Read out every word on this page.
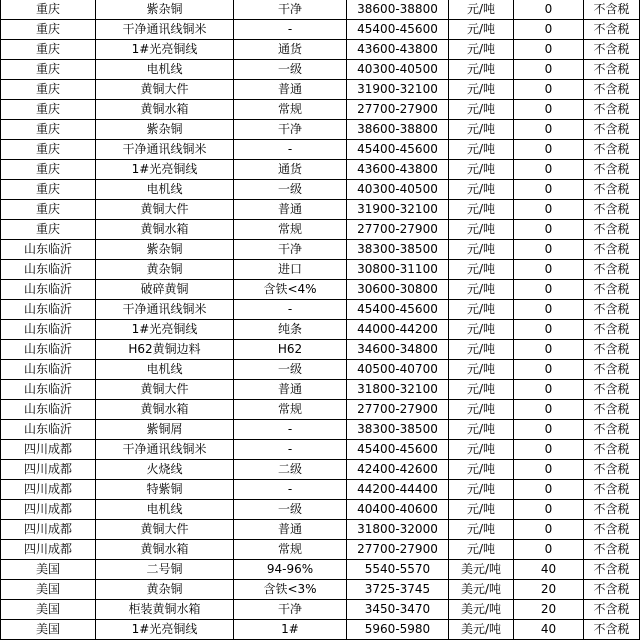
重庆	紫杂铜	干净	38600-38800	元/吨	0	不含税
重庆	干净通讯线铜米	-	45400-45600	元/吨	0	不含税
重庆	1#光亮铜线	通货	43600-43800	元/吨	0	不含税
重庆	电机线	一级	40300-40500	元/吨	0	不含税
重庆	黄铜大件	普通	31900-32100	元/吨	0	不含税
重庆	黄铜水箱	常规	27700-27900	元/吨	0	不含税
重庆	紫杂铜	干净	38600-38800	元/吨	0	不含税
重庆	干净通讯线铜米	-	45400-45600	元/吨	0	不含税
重庆	1#光亮铜线	通货	43600-43800	元/吨	0	不含税
重庆	电机线	一级	40300-40500	元/吨	0	不含税
重庆	黄铜大件	普通	31900-32100	元/吨	0	不含税
重庆	黄铜水箱	常规	27700-27900	元/吨	0	不含税
山东临沂	紫杂铜	干净	38300-38500	元/吨	0	不含税
山东临沂	黄杂铜	进口	30800-31100	元/吨	0	不含税
山东临沂	破碎黄铜	含铁<4%	30600-30800	元/吨	0	不含税
山东临沂	干净通讯线铜米	-	45400-45600	元/吨	0	不含税
山东临沂	1#光亮铜线	纯条	44000-44200	元/吨	0	不含税
山东临沂	H62黄铜边料	H62	34600-34800	元/吨	0	不含税
山东临沂	电机线	一级	40500-40700	元/吨	0	不含税
山东临沂	黄铜大件	普通	31800-32100	元/吨	0	不含税
山东临沂	黄铜水箱	常规	27700-27900	元/吨	0	不含税
山东临沂	紫铜屑	-	38300-38500	元/吨	0	不含税
四川成都	干净通讯线铜米	-	45400-45600	元/吨	0	不含税
四川成都	火烧线	二级	42400-42600	元/吨	0	不含税
四川成都	特紫铜	-	44200-44400	元/吨	0	不含税
四川成都	电机线	一级	40400-40600	元/吨	0	不含税
四川成都	黄铜大件	普通	31800-32000	元/吨	0	不含税
四川成都	黄铜水箱	常规	27700-27900	元/吨	0	不含税
美国	二号铜	94-96%	5540-5570	美元/吨	40	不含税
美国	黄杂铜	含铁<3%	3725-3745	美元/吨	20	不含税
美国	柜装黄铜水箱	干净	3450-3470	美元/吨	20	不含税
美国	1#光亮铜线	1#	5960-5980	美元/吨	40	不含税
